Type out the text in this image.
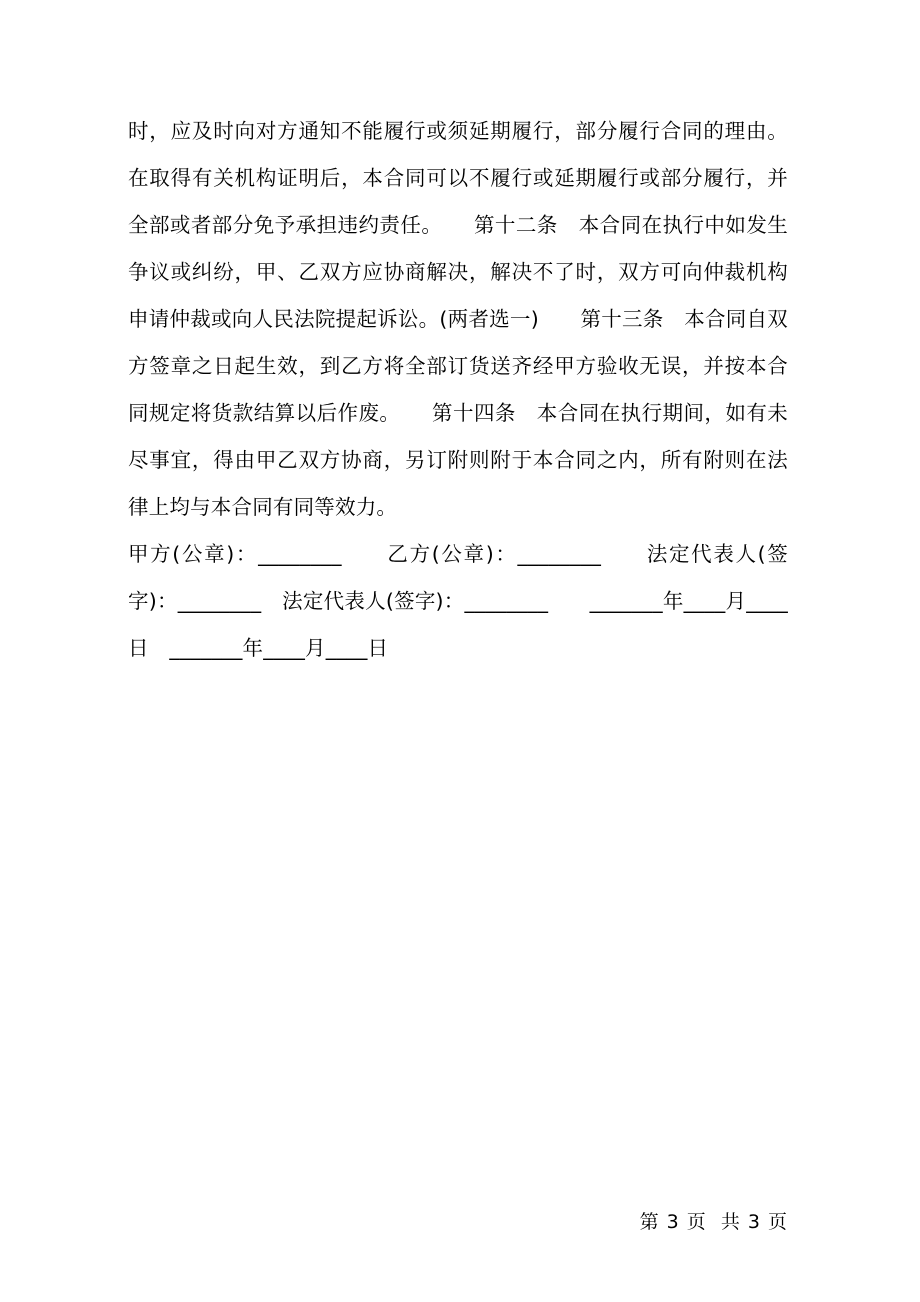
时，应及时向对方通知不能履行或须延期履行，部分履行合同的理由。在取得有关机构证明后，本合同可以不履行或延期履行或部分履行，并全部或者部分免予承担违约责任。　　第十二条　本合同在执行中如发生争议或纠纷，甲、乙双方应协商解决，解决不了时，双方可向仲裁机构申请仲裁或向人民法院提起诉讼。(两者选一)　　第十三条　本合同自双方签章之日起生效，到乙方将全部订货送齐经甲方验收无误，并按本合同规定将货款结算以后作废。　　第十四条　本合同在执行期间，如有未尽事宜，得由甲乙双方协商，另订附则附于本合同之内，所有附则在法律上均与本合同有同等效力。

甲方(公章)：________　　乙方(公章)：________　　法定代表人(签字)：________　法定代表人(签字)：________　　_______年____月____日　_______年____月____日

第 3 页  共 3 页
